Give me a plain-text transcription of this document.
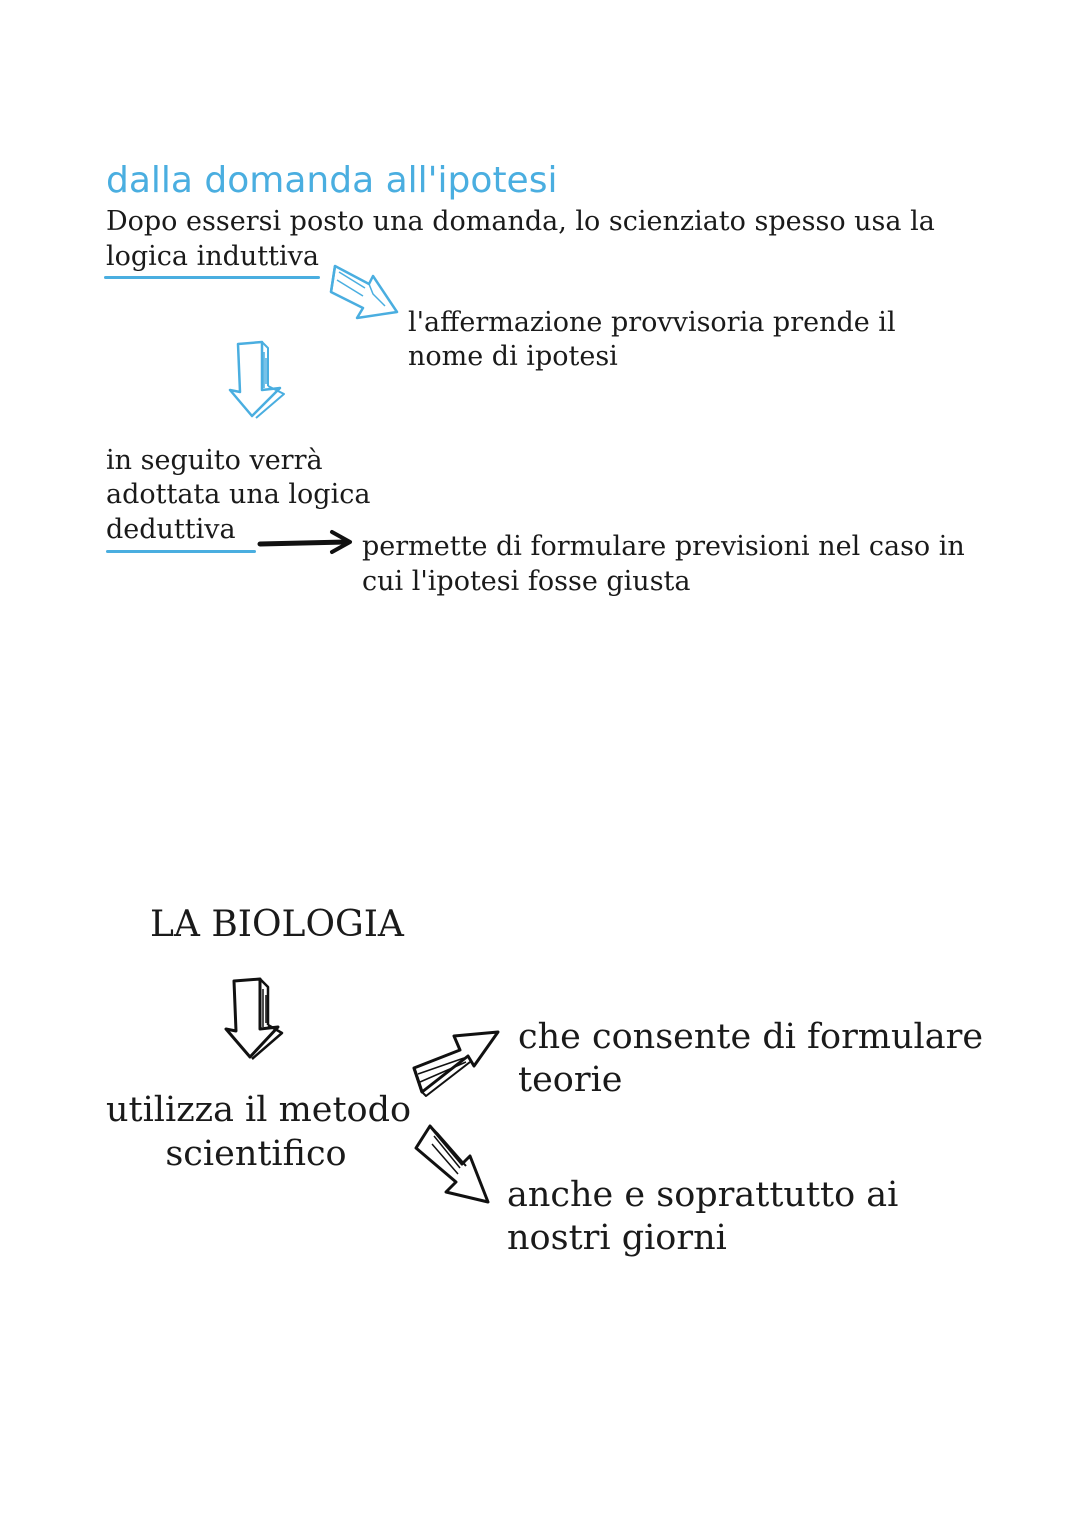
dalla domanda all'ipotesi
Dopo essersi posto una domanda, lo scienziato spesso usa la
logica induttiva
l'affermazione provvisoria prende il
nome di ipotesi
in seguito verrà
adottata una logica
deduttiva
permette di formulare previsioni nel caso in
cui l'ipotesi fosse giusta
LA BIOLOGIA
utilizza il metodo
scientifico
che consente di formulare
teorie
anche e soprattutto ai
nostri giorni
